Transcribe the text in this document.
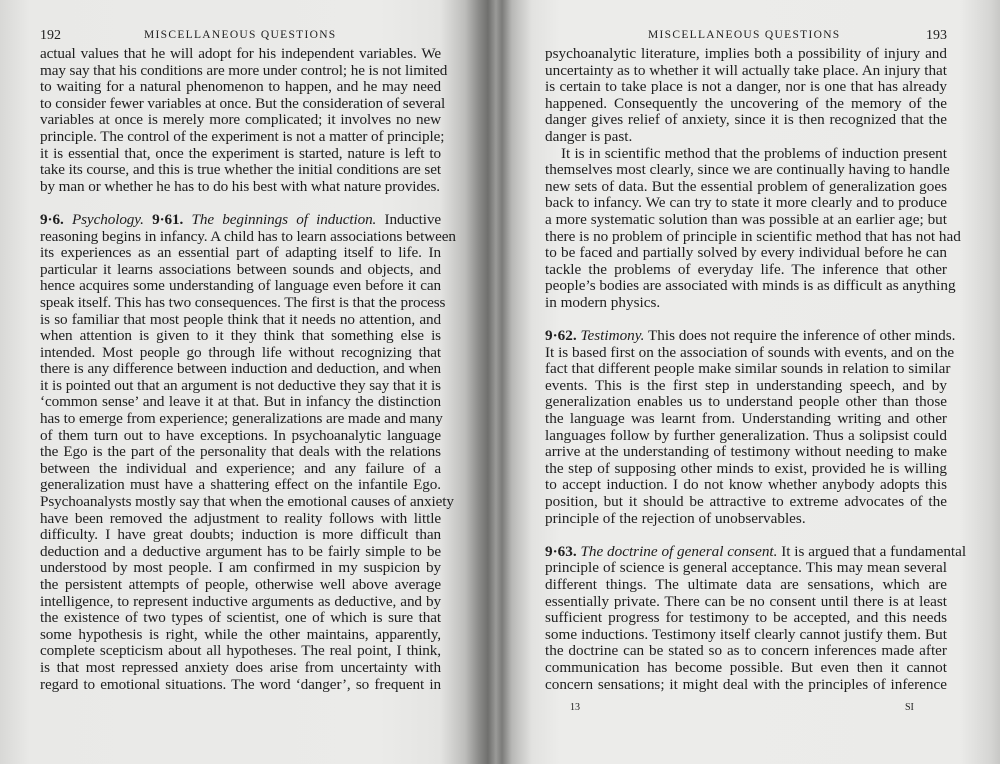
192	MISCELLANEOUS QUESTIONS
actual values that he will adopt for his independent variables. We
may say that his conditions are more under control; he is not limited
to waiting for a natural phenomenon to happen, and he may need
to consider fewer variables at once. But the consideration of several
variables at once is merely more complicated; it involves no new
principle. The control of the experiment is not a matter of principle;
it is essential that, once the experiment is started, nature is left to
take its course, and this is true whether the initial conditions are set
by man or whether he has to do his best with what nature provides.
9·6. Psychology. 9·61. The beginnings of induction. Inductive
reasoning begins in infancy. A child has to learn associations between
its experiences as an essential part of adapting itself to life. In
particular it learns associations between sounds and objects, and
hence acquires some understanding of language even before it can
speak itself. This has two consequences. The first is that the process
is so familiar that most people think that it needs no attention, and
when attention is given to it they think that something else is
intended. Most people go through life without recognizing that
there is any difference between induction and deduction, and when
it is pointed out that an argument is not deductive they say that it is
‘common sense’ and leave it at that. But in infancy the distinction
has to emerge from experience; generalizations are made and many
of them turn out to have exceptions. In psychoanalytic language
the Ego is the part of the personality that deals with the relations
between the individual and experience; and any failure of a
generalization must have a shattering effect on the infantile Ego.
Psychoanalysts mostly say that when the emotional causes of anxiety
have been removed the adjustment to reality follows with little
difficulty. I have great doubts; induction is more difficult than
deduction and a deductive argument has to be fairly simple to be
understood by most people. I am confirmed in my suspicion by
the persistent attempts of people, otherwise well above average
intelligence, to represent inductive arguments as deductive, and by
the existence of two types of scientist, one of which is sure that
some hypothesis is right, while the other maintains, apparently,
complete scepticism about all hypotheses. The real point, I think,
is that most repressed anxiety does arise from uncertainty with
regard to emotional situations. The word ‘danger’, so frequent in
MISCELLANEOUS QUESTIONS	193
psychoanalytic literature, implies both a possibility of injury and
uncertainty as to whether it will actually take place. An injury that
is certain to take place is not a danger, nor is one that has already
happened. Consequently the uncovering of the memory of the
danger gives relief of anxiety, since it is then recognized that the
danger is past.
It is in scientific method that the problems of induction present
themselves most clearly, since we are continually having to handle
new sets of data. But the essential problem of generalization goes
back to infancy. We can try to state it more clearly and to produce
a more systematic solution than was possible at an earlier age; but
there is no problem of principle in scientific method that has not had
to be faced and partially solved by every individual before he can
tackle the problems of everyday life. The inference that other
people’s bodies are associated with minds is as difficult as anything
in modern physics.
9·62. Testimony. This does not require the inference of other minds.
It is based first on the association of sounds with events, and on the
fact that different people make similar sounds in relation to similar
events. This is the first step in understanding speech, and by
generalization enables us to understand people other than those
the language was learnt from. Understanding writing and other
languages follow by further generalization. Thus a solipsist could
arrive at the understanding of testimony without needing to make
the step of supposing other minds to exist, provided he is willing
to accept induction. I do not know whether anybody adopts this
position, but it should be attractive to extreme advocates of the
principle of the rejection of unobservables.
9·63. The doctrine of general consent. It is argued that a fundamental
principle of science is general acceptance. This may mean several
different things. The ultimate data are sensations, which are
essentially private. There can be no consent until there is at least
sufficient progress for testimony to be accepted, and this needs
some inductions. Testimony itself clearly cannot justify them. But
the doctrine can be stated so as to concern inferences made after
communication has become possible. But even then it cannot
concern sensations; it might deal with the principles of inference
13	SI
